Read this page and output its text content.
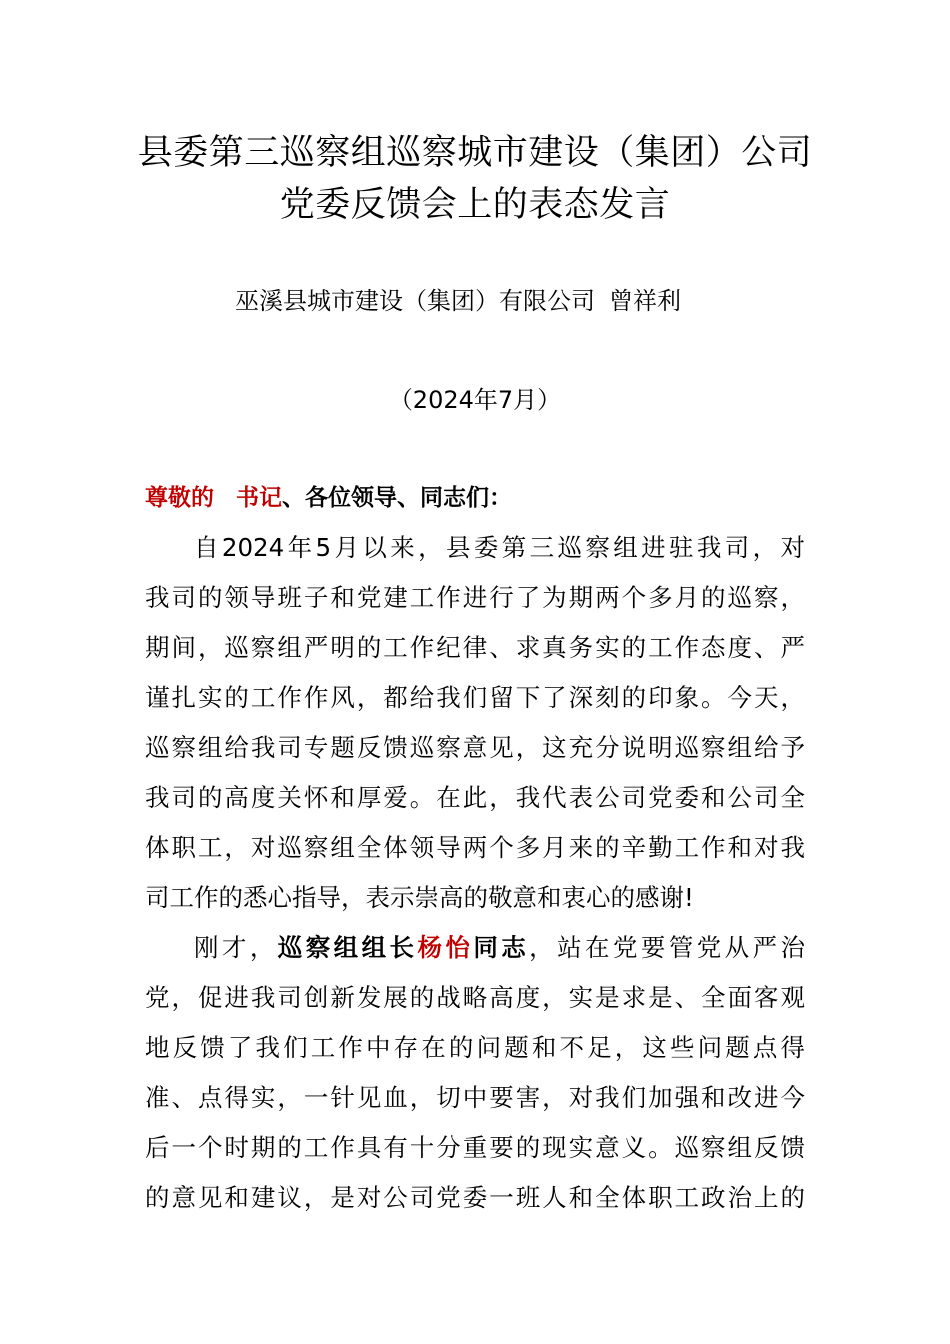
县委第三巡察组巡察城市建设（集团）公司
党委反馈会上的表态发言
巫溪县城市建设（集团）有限公司 曾祥利
（2024年7月）
尊敬的 书记、各位领导、同志们：
自2024年5月以来，县委第三巡察组进驻我司，对
我司的领导班子和党建工作进行了为期两个多月的巡察，
期间，巡察组严明的工作纪律、求真务实的工作态度、严
谨扎实的工作作风，都给我们留下了深刻的印象。今天，
巡察组给我司专题反馈巡察意见，这充分说明巡察组给予
我司的高度关怀和厚爱。在此，我代表公司党委和公司全
体职工，对巡察组全体领导两个多月来的辛勤工作和对我
司工作的悉心指导，表示崇高的敬意和衷心的感谢!
刚才，巡察组组长杨怡同志，站在党要管党从严治
党，促进我司创新发展的战略高度，实是求是、全面客观
地反馈了我们工作中存在的问题和不足，这些问题点得
准、点得实，一针见血，切中要害，对我们加强和改进今
后一个时期的工作具有十分重要的现实意义。巡察组反馈
的意见和建议，是对公司党委一班人和全体职工政治上的
